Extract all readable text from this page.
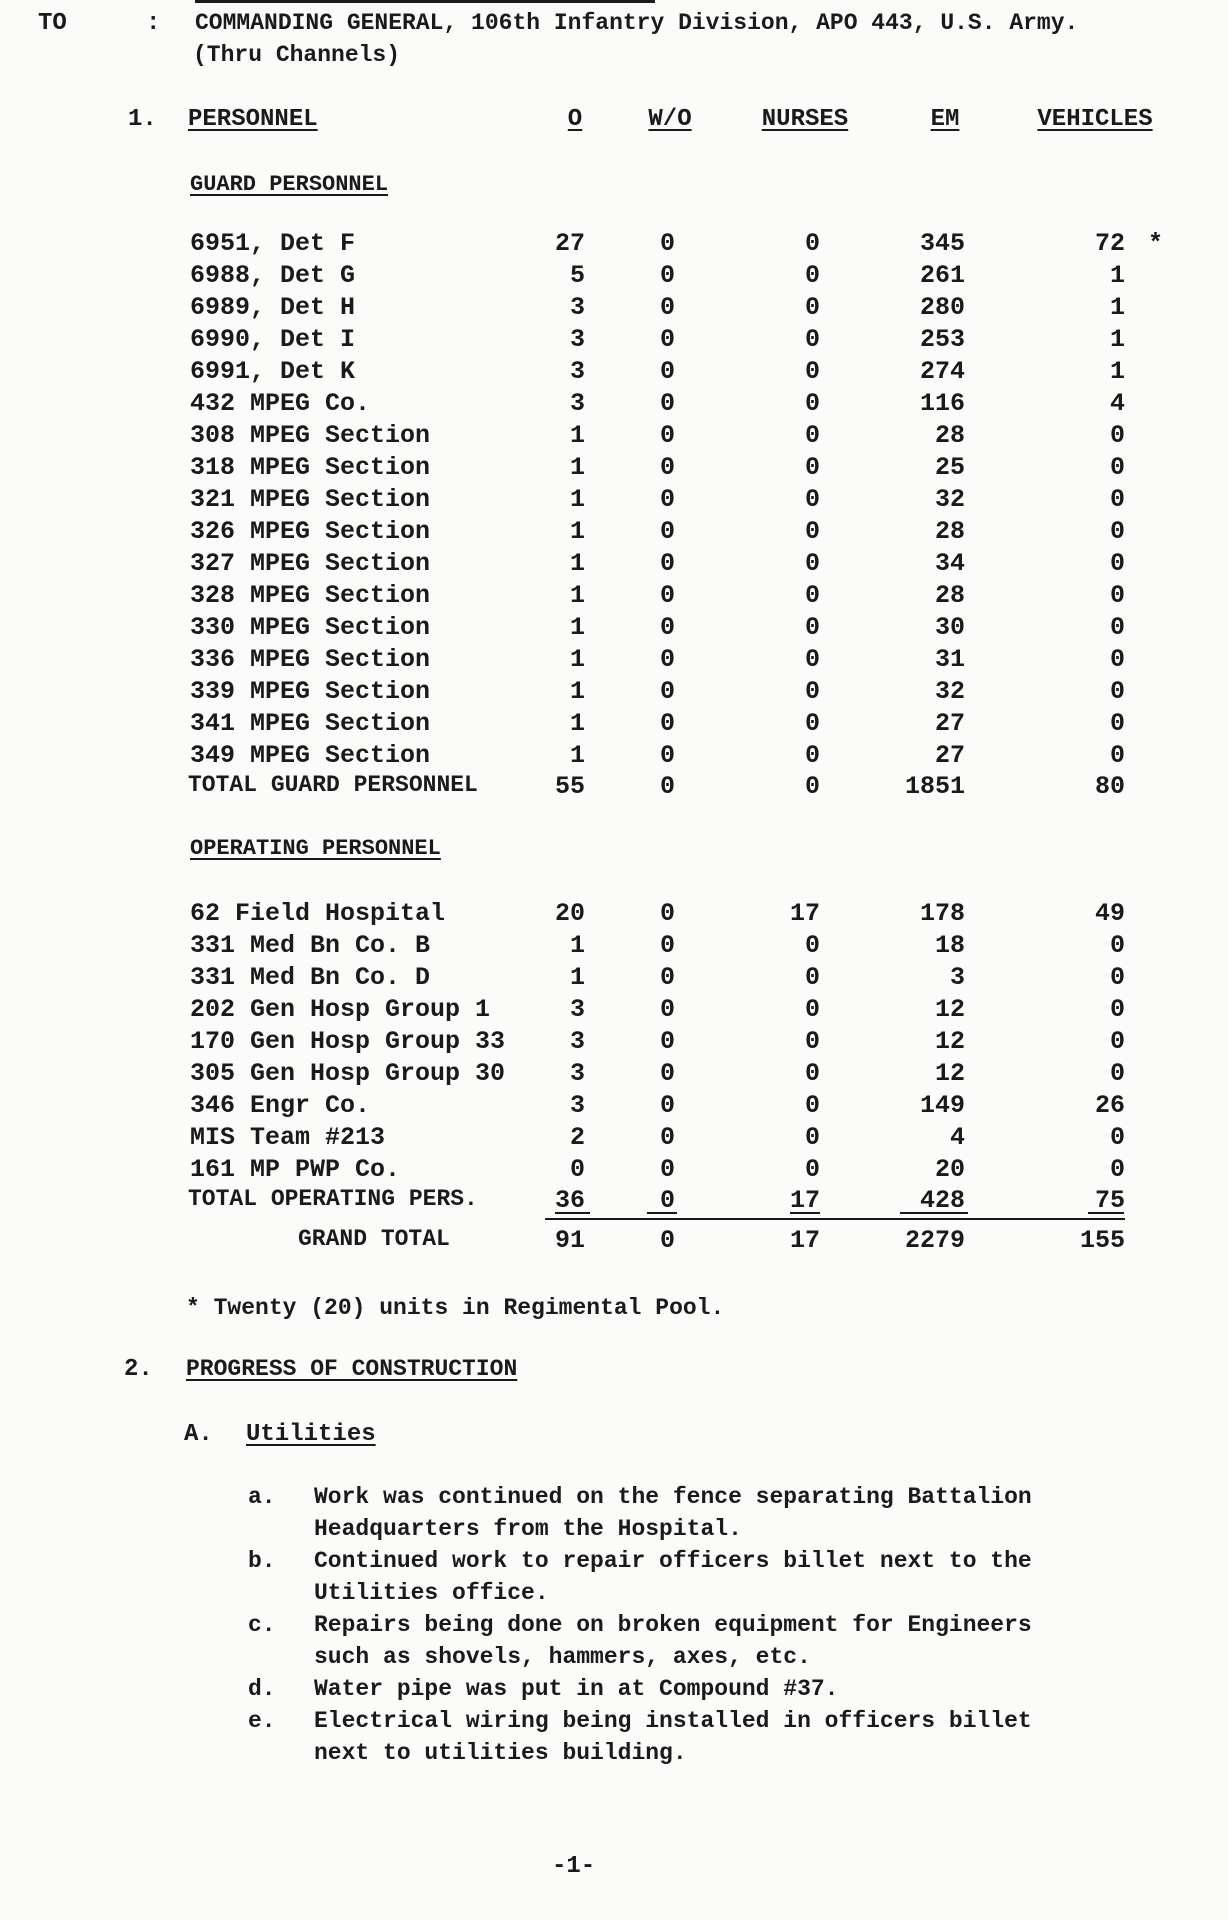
TO	: COMMANDING GENERAL, 106th Infantry Division, APO 443, U.S. Army.
(Thru Channels)
1. PERSONNEL	O	W/O	NURSES	EM	VEHICLES
GUARD PERSONNEL
6951, Det F	27	0	0	345	72 *
6988, Det G	5	0	0	261	1
6989, Det H	3	0	0	280	1
6990, Det I	3	0	0	253	1
6991, Det K	3	0	0	274	1
432 MPEG Co.	3	0	0	116	4
308 MPEG Section	1	0	0	28	0
318 MPEG Section	1	0	0	25	0
321 MPEG Section	1	0	0	32	0
326 MPEG Section	1	0	0	28	0
327 MPEG Section	1	0	0	34	0
328 MPEG Section	1	0	0	28	0
330 MPEG Section	1	0	0	30	0
336 MPEG Section	1	0	0	31	0
339 MPEG Section	1	0	0	32	0
341 MPEG Section	1	0	0	27	0
349 MPEG Section	1	0	0	27	0
TOTAL GUARD PERSONNEL	55	0	0	1851	80
OPERATING PERSONNEL
62 Field Hospital	20	0	17	178	49
331 Med Bn Co. B	1	0	0	18	0
331 Med Bn Co. D	1	0	0	3	0
202 Gen Hosp Group 1	3	0	0	12	0
170 Gen Hosp Group 33	3	0	0	12	0
305 Gen Hosp Group 30	3	0	0	12	0
346 Engr Co.	3	0	0	149	26
MIS Team #213	2	0	0	4	0
161 MP PWP Co.	0	0	0	20	0
TOTAL OPERATING PERS.	36	0	17	428	75
GRAND TOTAL	91	0	17	2279	155
* Twenty (20) units in Regimental Pool.
2. PROGRESS OF CONSTRUCTION
A. Utilities
a. Work was continued on the fence separating Battalion
Headquarters from the Hospital.
b. Continued work to repair officers billet next to the
Utilities office.
c. Repairs being done on broken equipment for Engineers
such as shovels, hammers, axes, etc.
d. Water pipe was put in at Compound #37.
e. Electrical wiring being installed in officers billet
next to utilities building.
-1-
